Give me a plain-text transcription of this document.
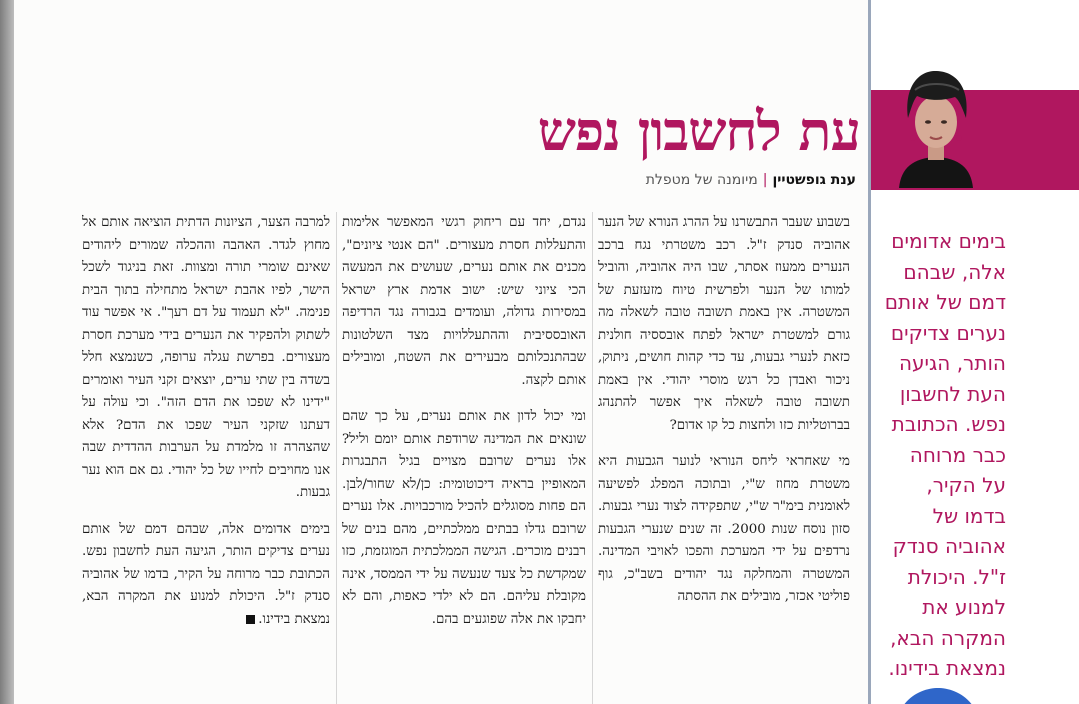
עת לחשבון נפש
ענת גופשטיין|מיומנה של מטפלת

בשבוע שעבר התבשרנו על ההרג הנורא של הנער אהוביה סנדק ז"ל. רכב משטרתי נגח ברכב הנערים ממעוז אסתר, שבו היה אהוביה, והוביל למותו של הנער ולפרשית טיוח מזעזעת של המשטרה. אין באמת תשובה טובה לשאלה מה גורם למשטרת ישראל לפתח אובססיה חולנית כזאת לנערי גבעות, עד כדי קהות חושים, ניתוק, ניכור ואבדן כל רגש מוסרי יהודי. אין באמת תשובה טובה לשאלה איך אפשר להתנהג בברוטליות כזו ולחצות כל קו אדום?

מי שאחראי ליחס הנוראי לנוער הגבעות היא משטרת מחוז ש"י, ובתוכה המפלג לפשיעה לאומנית בימ"ר ש"י, שתפקידה לצוד נערי גבעות. סזון נוסח שנות 2000. זה שנים שנערי הגבעות נרדפים על ידי המערכת והפכו לאויבי המדינה. המשטרה והמחלקה נגד יהודים בשב"כ, גוף פוליטי אכזר, מובילים את ההסתה

נגדם, יחד עם ריחוק רגשי המאפשר אלימות והתעללות חסרת מעצורים. "הם אנטי ציונים", מכנים את אותם נערים, שעושים את המעשה הכי ציוני שיש: ישוב אדמת ארץ ישראל במסירות גדולה, ועומדים בגבורה נגד הרדיפה האובססיבית וההתעללויות מצד השלטונות שבהתנכלותם מבעירים את השטח, ומובילים אותם לקצה.

ומי יכול לדון את אותם נערים, על כך שהם שונאים את המדינה שרודפת אותם יומם וליל? אלו נערים שרובם מצויים בגיל התבגרות המאופיין בראיה דיכוטומית: כן/לא שחור/לבן. הם פחות מסוגלים להכיל מורכבויות. אלו נערים שרובם גדלו בבתים ממלכתיים, מהם בנים של רבנים מוכרים. הגישה הממלכתית המוגזמת, כזו שמקדשת כל צעד שנעשה על ידי הממסד, אינה מקובלת עליהם. הם לא ילדי כאפות, והם לא יחבקו את אלה שפוגעים בהם.

למרבה הצער, הציונות הדתית הוציאה אותם אל מחוץ לגדר. האהבה וההכלה שמורים ליהודים שאינם שומרי תורה ומצוות. זאת בניגוד לשכל הישר, לפיו אהבת ישראל מתחילה בתוך הבית פנימה. "לא תעמוד על דם רעך". אי אפשר עוד לשתוק ולהפקיר את הנערים בידי מערכת חסרת מעצורים. בפרשת עגלה ערופה, כשנמצא חלל בשדה בין שתי ערים, יוצאים זקני העיר ואומרים "ידינו לא שפכו את הדם הזה". וכי עולה על דעתנו שזקני העיר שפכו את הדם? אלא שהצהרה זו מלמדת על הערבות ההדדית שבה אנו מחויבים לחייו של כל יהודי. גם אם הוא נער גבעות.

בימים אדומים אלה, שבהם דמם של אותם נערים צדיקים הותר, הגיעה העת לחשבון נפש. הכתובת כבר מרוחה על הקיר, בדמו של אהוביה סנדק ז"ל. היכולת למנוע את המקרה הבא, נמצאת בידינו.

בימים אדומים אלה, שבהם דמם של אותם נערים צדיקים הותר, הגיעה העת לחשבון נפש. הכתובת כבר מרוחה על הקיר, בדמו של אהוביה סנדק ז"ל. היכולת למנוע את המקרה הבא, נמצאת בידינו.
